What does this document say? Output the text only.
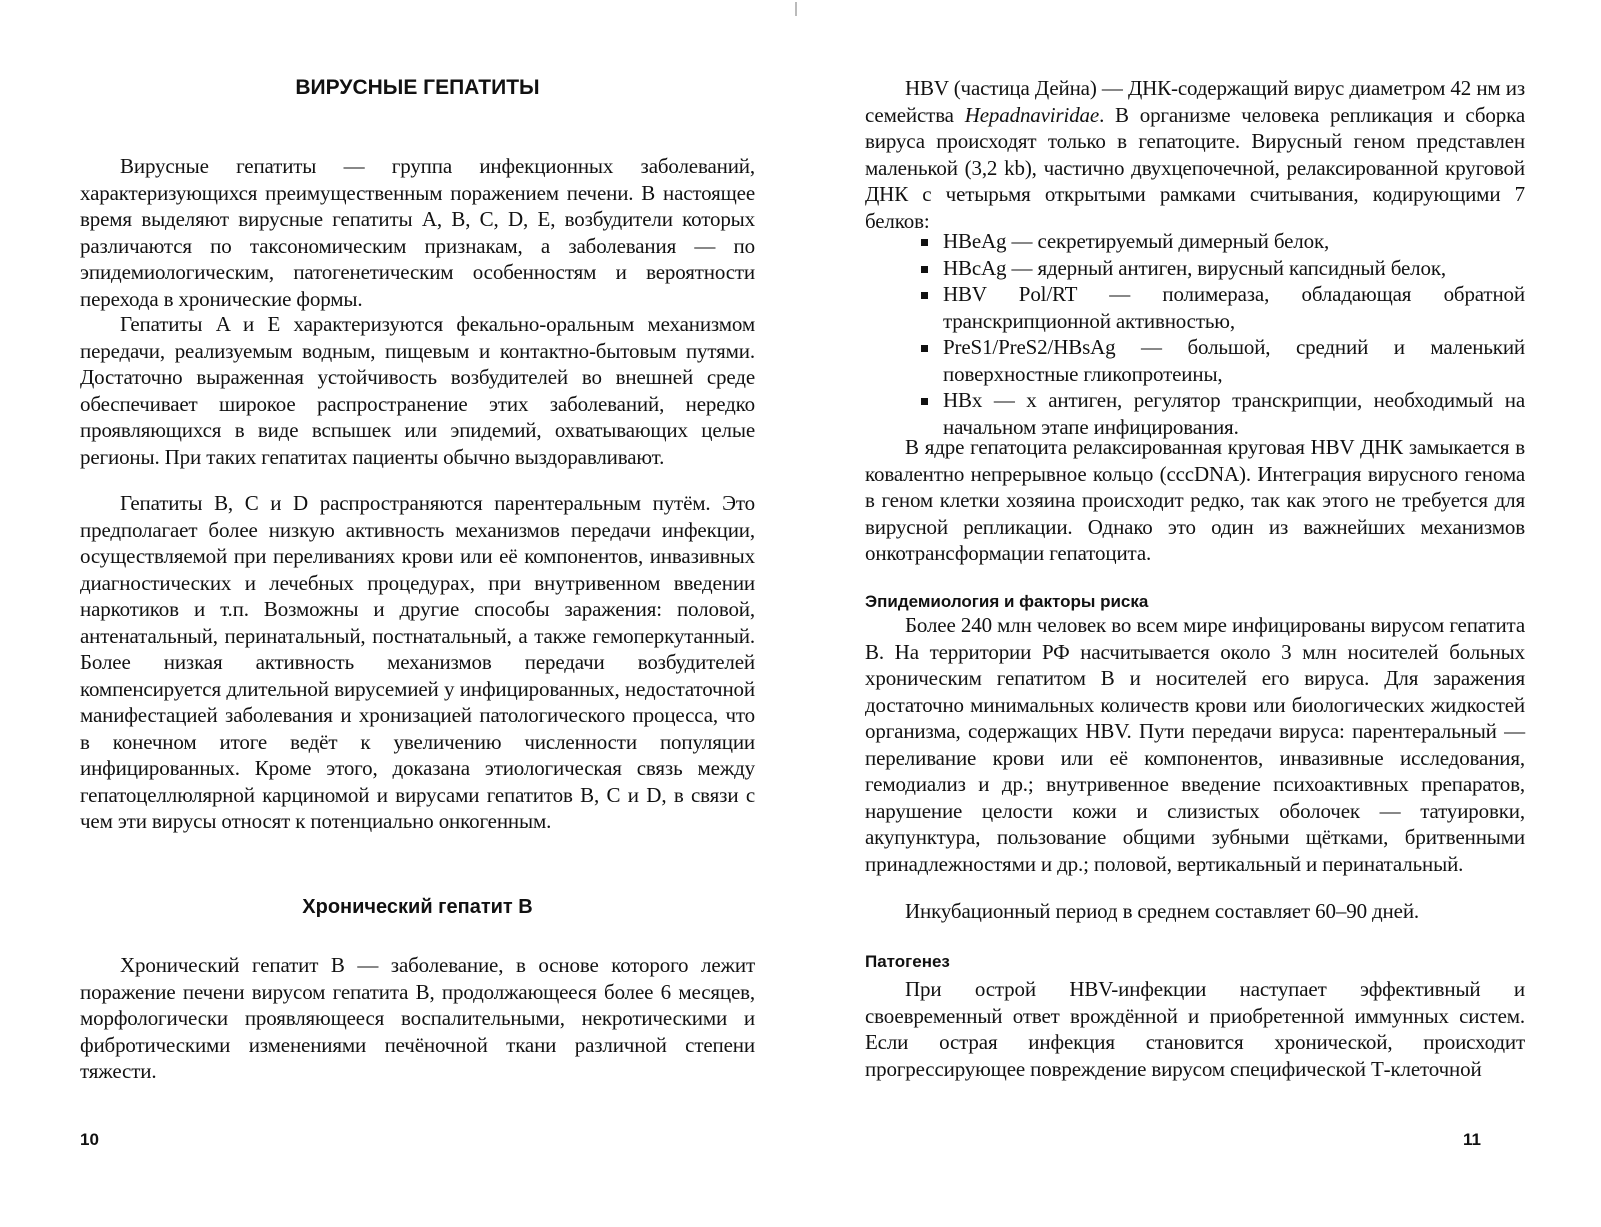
ВИРУСНЫЕ ГЕПАТИТЫ

Вирусные гепатиты — группа инфекционных заболеваний, характеризующихся преимущественным поражением печени. В настоящее время выделяют вирусные гепатиты A, B, C, D, E, возбудители которых различаются по таксономическим признакам, а заболевания — по эпидемиологическим, патогенетическим особенностям и вероятности перехода в хронические формы.

Гепатиты A и E характеризуются фекально-оральным механизмом передачи, реализуемым водным, пищевым и контактно-бытовым путями. Достаточно выраженная устойчивость возбудителей во внешней среде обеспечивает широкое распространение этих заболеваний, нередко проявляющихся в виде вспышек или эпидемий, охватывающих целые регионы. При таких гепатитах пациенты обычно выздоравливают.

Гепатиты B, C и D распространяются парентеральным путём. Это предполагает более низкую активность механизмов передачи инфекции, осуществляемой при переливаниях крови или её компонентов, инвазивных диагностических и лечебных процедурах, при внутривенном введении наркотиков и т.п. Возможны и другие способы заражения: половой, антенатальный, перинатальный, постнатальный, а также гемоперкутанный. Более низкая активность механизмов передачи возбудителей компенсируется длительной вирусемией у инфицированных, недостаточной манифестацией заболевания и хронизацией патологического процесса, что в конечном итоге ведёт к увеличению численности популяции инфицированных. Кроме этого, доказана этиологическая связь между гепатоцеллюлярной карциномой и вирусами гепатитов B, C и D, в связи с чем эти вирусы относят к потенциально онкогенным.

Хронический гепатит B

Хронический гепатит B — заболевание, в основе которого лежит поражение печени вирусом гепатита B, продолжающееся более 6 месяцев, морфологически проявляющееся воспалительными, некротическими и фибротическими изменениями печёночной ткани различной степени тяжести.

10

HBV (частица Дейна) — ДНК-содержащий вирус диаметром 42 нм из семейства Hepadnaviridae. В организме человека репликация и сборка вируса происходят только в гепатоците. Вирусный геном представлен маленькой (3,2 kb), частично двухцепочечной, релаксированной круговой ДНК с четырьмя открытыми рамками считывания, кодирующими 7 белков:

HBeAg — секретируемый димерный белок,
HBcAg — ядерный антиген, вирусный капсидный белок,
HBV Pol/RT — полимераза, обладающая обратной транскрипционной активностью,
PreS1/PreS2/HBsAg — большой, средний и маленький поверхностные гликопротеины,
HBx — x антиген, регулятор транскрипции, необходимый на начальном этапе инфицирования.

В ядре гепатоцита релаксированная круговая HBV ДНК замыкается в ковалентно непрерывное кольцо (cccDNA). Интеграция вирусного генома в геном клетки хозяина происходит редко, так как этого не требуется для вирусной репликации. Однако это один из важнейших механизмов онкотрансформации гепатоцита.

Эпидемиология и факторы риска

Более 240 млн человек во всем мире инфицированы вирусом гепатита B. На территории РФ насчитывается около 3 млн носителей больных хроническим гепатитом B и носителей его вируса. Для заражения достаточно минимальных количеств крови или биологических жидкостей организма, содержащих HBV. Пути передачи вируса: парентеральный — переливание крови или её компонентов, инвазивные исследования, гемодиализ и др.; внутривенное введение психоактивных препаратов, нарушение целости кожи и слизистых оболочек — татуировки, акупунктура, пользование общими зубными щётками, бритвенными принадлежностями и др.; половой, вертикальный и перинатальный.

Инкубационный период в среднем составляет 60–90 дней.

Патогенез

При острой HBV-инфекции наступает эффективный и своевременный ответ врождённой и приобретенной иммунных систем. Если острая инфекция становится хронической, происходит прогрессирующее повреждение вирусом специфической Т-клеточной

11
